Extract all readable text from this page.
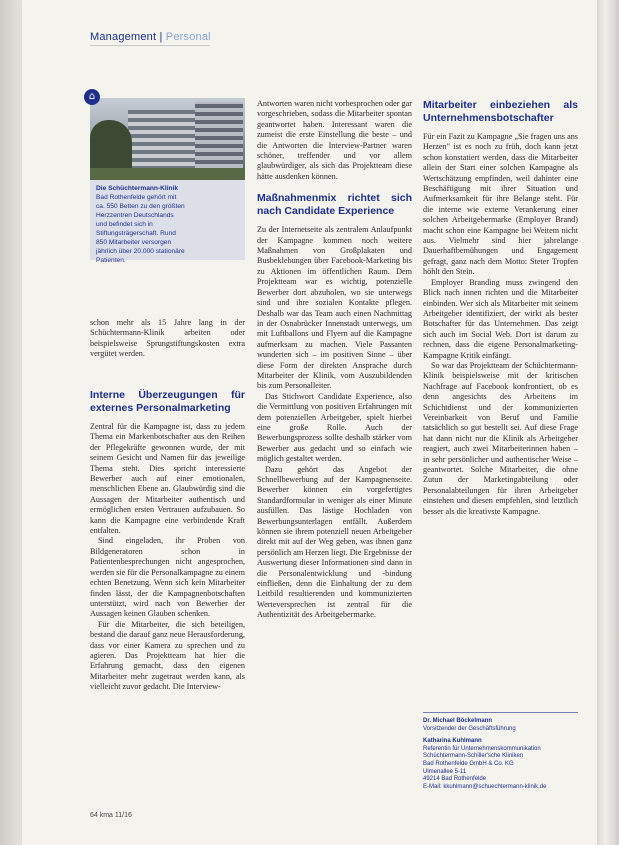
Management | Personal
⌂
Die Schüchtermann-Klinik
Bad Rothenfelde gehört mit
ca. 550 Betten zu den größten
Herzzentren Deutschlands
und befindet sich in
Stiftungsträgerschaft. Rund
850 Mitarbeiter versorgen
jährlich über 20.000 stationäre
Patienten.

schon mehr als 15 Jahre lang in der Schüchtermann-Klinik arbeiten oder beispielsweise Sprungstiftungskosten extra vergütet werden.

Interne Überzeugungen für externes Personalmarketing

Zentral für die Kampagne ist, dass zu jedem Thema ein Markenbotschafter aus den Reihen der Pflegekräfte gewonnen wurde, der mit seinem Gesicht und Namen für das jeweilige Thema steht. Dies spricht interessierte Bewerber auch auf einer emotionalen, menschlichen Ebene an. Glaubwürdig sind die Aussagen der Mitarbeiter authentisch und ermöglichen ersten Vertrauen aufzubauen. So kann die Kampagne eine verbindende Kraft entfalten.

Sind eingeladen, ihr Proben von Bildgeneratoren schon in Patientenbesprechungen nicht angesprochen, werden sie für die Personalkampagne zu einem echten Benetzung. Wenn sich kein Mitarbeiter finden lässt, der die Kampagnenbotschaften unterstützt, wird nach von Bewerber der Aussagen keinen Glauben schenken.

Für die Mitarbeiter, die sich beteiligen, bestand die darauf ganz neue Herausforderung, dass vor einer Kamera zu sprechen und zu agieren. Das Projektteam hat hier die Erfahrung gemacht, dass den eigenen Mitarbeiter mehr zugetraut werden kann, als vielleicht zuvor gedacht. Die Interview-

Antworten waren nicht vorbesprochen oder gar vorgeschrieben, sodass die Mitarbeiter spontan geantwortet haben. Interessant waren die zumeist die erste Einstellung die beste – und die Antworten die Interview-Partner waren schöner, treffender und vor allem glaubwürdiger, als sich das Projektteam diese hätte ausdenken können.

Maßnahmenmix richtet sich nach Candidate Experience

Zu der Internetseite als zentralem Anlaufpunkt der Kampagne kommen noch weitere Maßnahmen von Großplakaten und Busbeklebungen über Facebook-Marketing bis zu Aktionen im öffentlichen Raum. Dem Projektteam war es wichtig, potenzielle Bewerber dort abzuholen, wo sie unterwegs sind und ihre sozialen Kontakte pflegen. Deshalb war das Team auch einen Nachmittag in der Osnabrücker Innenstadt unterwegs, um mit Luftballons und Flyern auf die Kampagne aufmerksam zu machen. Viele Passanten wunderten sich – im positiven Sinne – über diese Form der direkten Ansprache durch Mitarbeiter der Klinik, vom Auszubildenden bis zum Personalleiter.

Das Stichwort Candidate Experience, also die Vermittlung von positiven Erfahrungen mit dem potenziellen Arbeitgeber, spielt hierbei eine große Rolle. Auch der Bewerbungsprozess sollte deshalb stärker vom Bewerber aus gedacht und so einfach wie möglich gestaltet werden.

Dazu gehört das Angebot der Schnellbewerbung auf der Kampagnenseite. Bewerber können ein vorgefertigtes Standardformular in weniger als einer Minute ausfüllen. Das lästige Hochladen von Bewerbungsunterlagen entfällt. Außerdem können sie ihrem potenziell neuen Arbeitgeber direkt mit auf der Weg geben, was ihnen ganz persönlich am Herzen liegt. Die Ergebnisse der Auswertung dieser Informationen sind dann in die Personalentwicklung und -bindung einfließen, denn die Einhaltung der zu dem Leitbild resultierenden und kommunizierten Werteversprechen ist zentral für die Authentizität des Arbeitgebermarke.

Mitarbeiter einbeziehen als Unternehmensbotschafter

Für ein Fazit zu Kampagne „Sie fragen uns ans Herzen" ist es noch zu früh, doch kann jetzt schon konstatiert werden, dass die Mitarbeiter allein der Start einer solchen Kampagne als Wertschätzung empfinden, weil dahinter eine Beschäftigung mit ihrer Situation und Aufmerksamkeit für ihre Belange steht. Für die interne wie externe Verankerung einer solchen Arbeitgebermarke (Employer Brand) macht schon eine Kampagne bei Weitem nicht aus. Vielmehr sind hier jahrelange Dauerhaftbemühungen und Engagement gefragt, ganz nach dem Motto: Steter Tropfen höhlt den Stein.

Employer Branding muss zwingend den Blick nach innen richten und die Mitarbeiter einbinden. Wer sich als Mitarbeiter mit seinem Arbeitgeber identifiziert, der wirkt als bester Botschafter für das Unternehmen. Das zeigt sich auch im Social Web. Dort ist darum zu rechnen, dass die eigene Personalmarketing-Kampagne Kritik einfängt.

So war das Projektteam der Schüchtermann-Klinik beispielsweise mit der kritischen Nachfrage auf Facebook konfrontiert, ob es denn angesichts des Arbeitens im Schichtdienst und der kommunizierten Vereinbarkeit von Beruf und Familie tatsächlich so gut bestellt sei. Auf diese Frage hat dann nicht nur die Klinik als Arbeitgeber reagiert, auch zwei Mitarbeiterinnen haben – in sehr persönlicher und authentischer Weise – geantwortet. Solche Mitarbeiter, die ohne Zutun der Marketingabteilung oder Personalabteilungen für ihren Arbeitgeber einstehen und diesen empfehlen, sind letztlich besser als die kreativste Kampagne.

Dr. Michael Böckelmann
Vorsitzender der Geschäftsführung
Katharina Kuhlmann
Referentin für Unternehmenskommunikation
Schüchtermann-Schiller'sche Kliniken
Bad Rothenfelde GmbH & Co. KG
Ulmenallee 5-11
49214 Bad Rothenfelde
E-Mail: kkuhlmann@schuechtermann-klinik.de
64 kma 11/16
